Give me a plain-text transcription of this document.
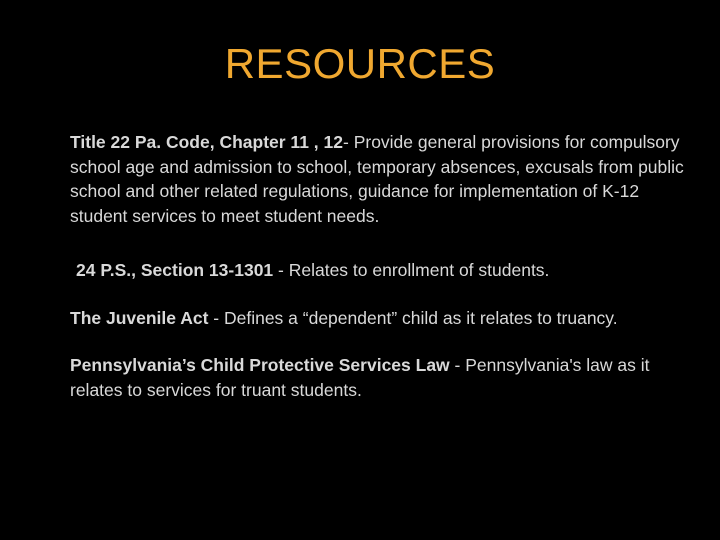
RESOURCES

Title 22 Pa. Code, Chapter 11 , 12- Provide general provisions for compulsory school age and admission to school, temporary absences, excusals from public school and other related regulations, guidance for implementation of K-12 student services to meet student needs.

24 P.S., Section 13-1301 - Relates to enrollment of students.

The Juvenile Act - Defines a “dependent” child as it relates to truancy.

Pennsylvania’s Child Protective Services Law - Pennsylvania's law as it relates to services for truant students.
